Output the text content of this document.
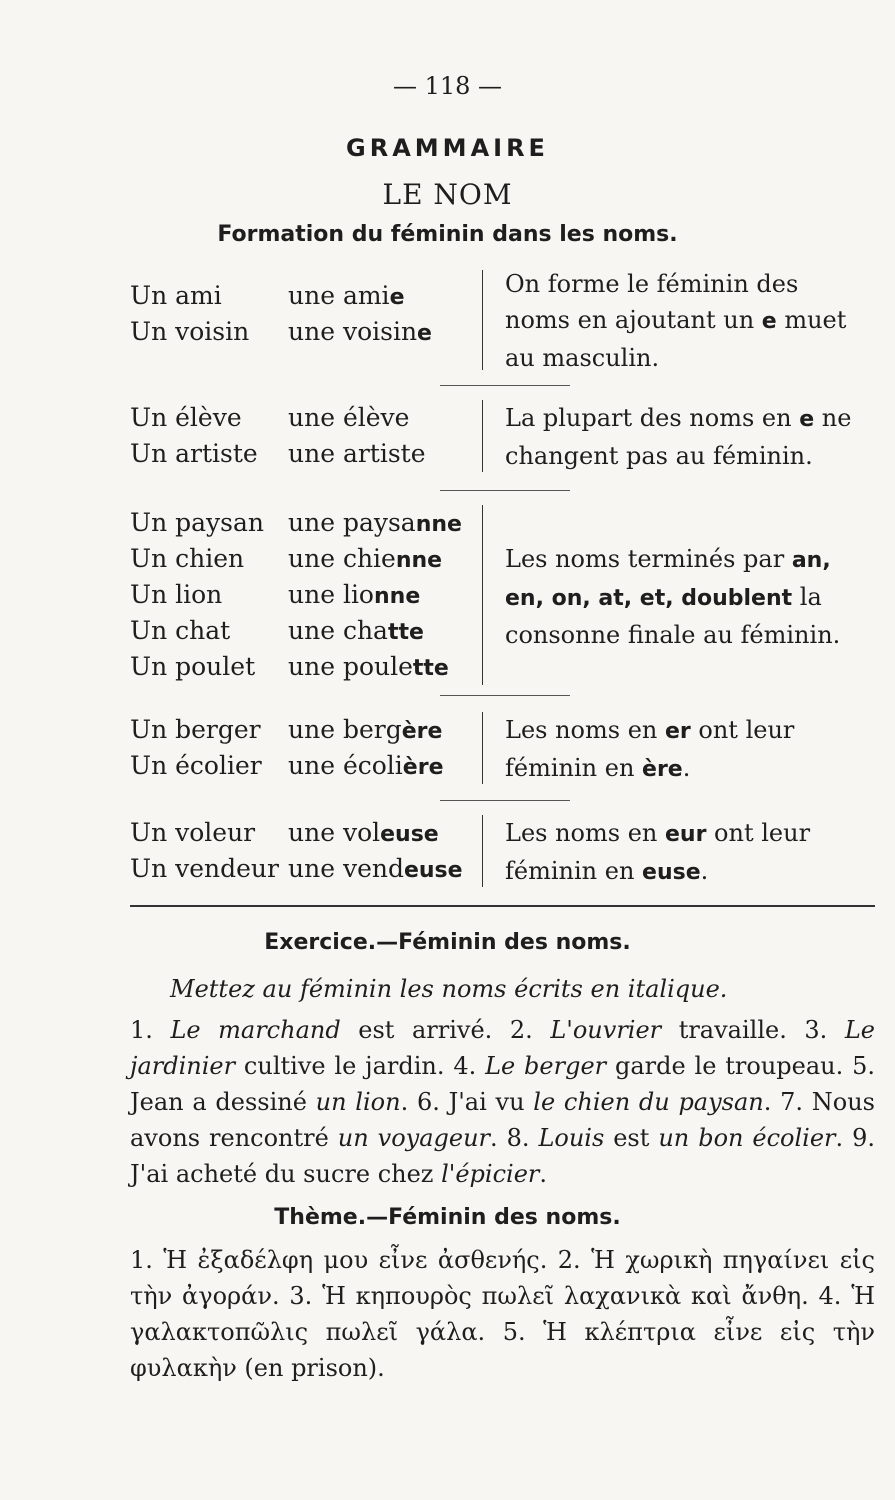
— 118 —
GRAMMAIRE
LE NOM
Formation du féminin dans les noms.
Un ami	une amie
Un voisin une voisine
On forme le féminin des noms en ajoutant un e muet au masculin.
Un élève une élève
Un artiste une artiste
La plupart des noms en e ne changent pas au féminin.
Un paysan une paysanne
Un chien une chienne
Un lion	une lionne
Un chat une chatte
Un poulet une poulette
Les noms terminés par an, en, on, at, et, doublent la consonne finale au féminin.
Un berger une bergère
Un écolier une écolière
Les noms en er ont leur féminin en ère.
Un voleur une voleuse
Un vendeur une vendeuse
Les noms en eur ont leur féminin en euse.
Exercice.—Féminin des noms.
Mettez au féminin les noms écrits en italique.
1. Le marchand est arrivé. 2. L'ouvrier travaille. 3. Le jardinier cultive le jardin. 4. Le berger garde le troupeau. 5. Jean a dessiné un lion. 6. J'ai vu le chien du paysan. 7. Nous avons rencontré un voyageur. 8. Louis est un bon écolier. 9. J'ai acheté du sucre chez l'épicier.
Thème.—Féminin des noms.
1. Ἡ ἐξαδέλφη μου εἶνε ἀσθενής. 2. Ἡ χωρικὴ πηγαίνει εἰς τὴν ἀγοράν. 3. Ἡ κηπουρὸς πωλεῖ λαχανικὰ καὶ ἄνθη. 4. Ἡ γαλακτοπῶλις πωλεῖ γάλα. 5. Ἡ κλέπτρια εἶνε εἰς τὴν φυλακὴν (en prison).
